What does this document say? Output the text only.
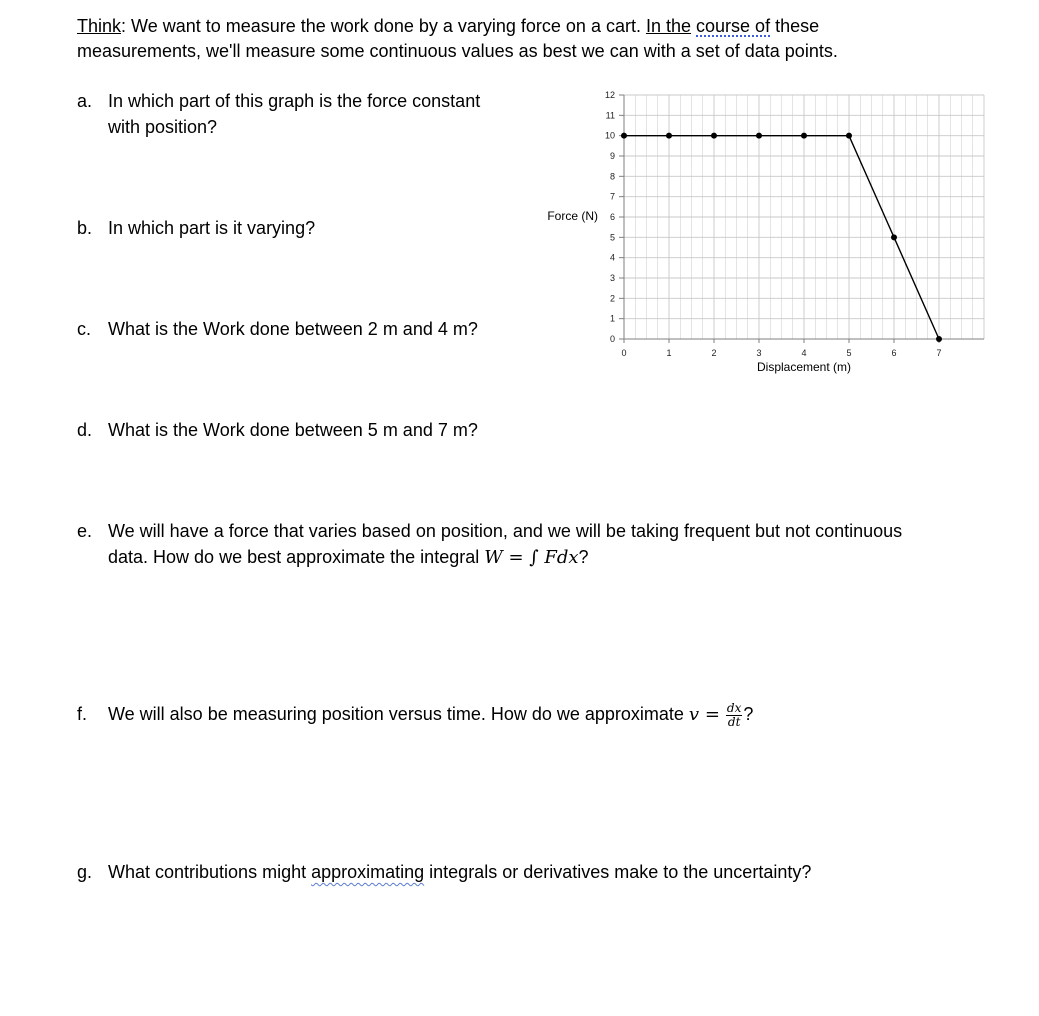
Think: We want to measure the work done by a varying force on a cart. In the course of these
measurements, we'll measure some continuous values as best we can with a set of data points.
a. In which part of this graph is the force constant
with position?
b. In which part is it varying?
c. What is the Work done between 2 m and 4 m?
d. What is the Work done between 5 m and 7 m?
e. We will have a force that varies based on position, and we will be taking frequent but not continuous
data. How do we best approximate the integral W = ∫ Fdx?
f. We will also be measuring position versus time. How do we approximate $v = \frac{dx}{dt}$ ?
g. What contributions might approximating integrals or derivatives make to the uncertainty?
0
1
2
3
4
5
6
7
8
9
10
11
12
0	1	2	3	4	5	6	7
Force (N)
Displacement (m)
